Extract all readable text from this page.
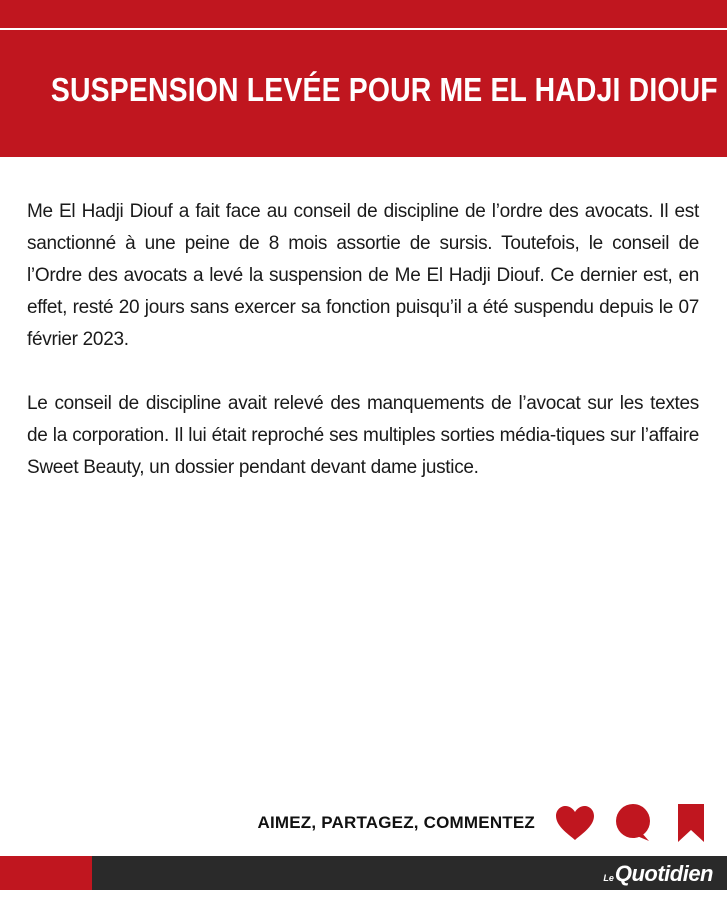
SUSPENSION LEVÉE POUR ME EL HADJI DIOUF

Me El Hadji Diouf a fait face au conseil de discipline de l’ordre des avocats. Il est sanctionné à une peine de 8 mois assortie de sursis. Toutefois, le conseil de l’Ordre des avocats a levé la suspension de Me El Hadji Diouf. Ce dernier est, en effet, resté 20 jours sans exercer sa fonction puisqu’il a été suspendu depuis le 07 février 2023.

Le conseil de discipline avait relevé des manquements de l’avocat sur les textes de la corporation. Il lui était reproché ses multiples sorties média-tiques sur l’affaire Sweet Beauty, un dossier pendant devant dame justice.

AIMEZ, PARTAGEZ, COMMENTEZ
Le Quotidien
